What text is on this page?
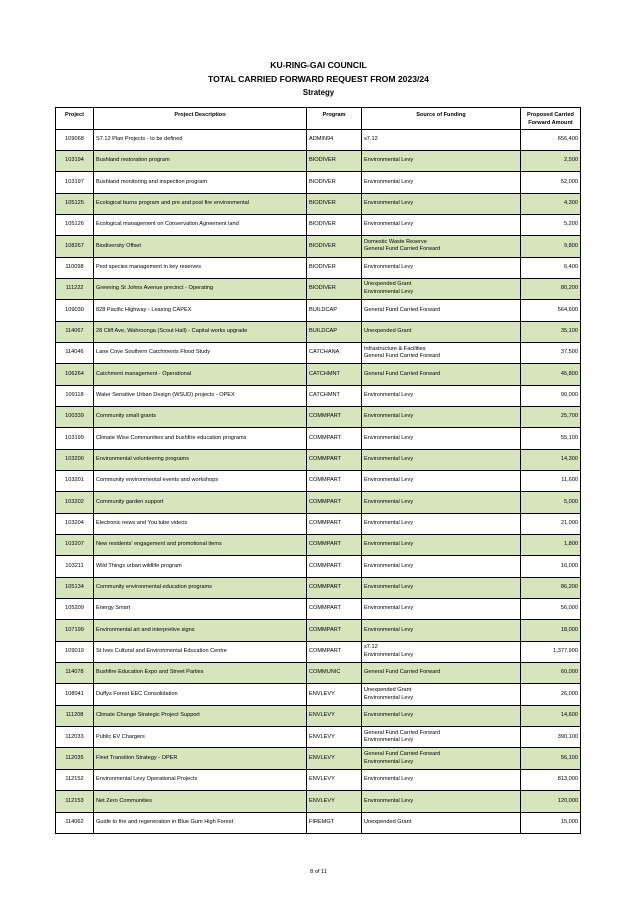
KU-RING-GAI COUNCIL
TOTAL CARRIED FORWARD REQUEST FROM 2023/24
Strategy
Project	Project Description	Program	Source of Funding	Proposed Carried
Forward Amount

109068	S7.12 Plan Projects - to be defined	ADMIN94	s7.12	656,400
103194	Bushland restoration program	BIODIVER	Environmental Levy	2,500
103197	Bushland monitoring and inspection program	BIODIVER	Environmental Levy	52,000
105125	Ecological burns program and pre and post fire environmental	BIODIVER	Environmental Levy	4,300
105126	Ecological management on Conservation Agreement land	BIODIVER	Environmental Levy	5,200
108267	Biodiversity Offset	BIODIVER	Domestic Waste Reserve
General Fund Carried Forward	9,800
110098	Pest species management in key reserves	BIODIVER	Environmental Levy	6,400
111222	Greening St Johns Avenue precinct - Operating	BIODIVER	Unexpended Grant
Environmental Levy	80,200
109030	828 Pacific Highway - Leasing CAPEX	BUILDCAP	General Fund Carried Forward	564,600
114067	28 Cliff Ave, Wahroonga (Scout Hall) - Capital works upgrade	BUILDCAP	Unexpended Grant	35,100
114046	Lane Cove Southern Catchments Flood Study	CATCHANA	Infrastructure & Facilities
General Fund Carried Forward	37,500
106264	Catchment management - Operational	CATCHMNT	General Fund Carried Forward	45,800
109118	Water Sensitive Urban Design (WSUD) projects - OPEX	CATCHMNT	Environmental Levy	90,000
100339	Community small grants	COMMPART	Environmental Levy	25,700
103199	Climate Wise Communities and bushfire education programs	COMMPART	Environmental Levy	55,100
103200	Environmental volunteering programs	COMMPART	Environmental Levy	14,300
103201	Community environmental events and workshops	COMMPART	Environmental Levy	11,600
103202	Community garden support	COMMPART	Environmental Levy	5,000
103204	Electronic news and You tube videos	COMMPART	Environmental Levy	21,000
103207	New residents' engagement and promotional items	COMMPART	Environmental Levy	1,800
103211	Wild Things urban wildlife program	COMMPART	Environmental Levy	16,000
105134	Community environmental education programs	COMMPART	Environmental Levy	86,200
105209	Energy Smart	COMMPART	Environmental Levy	56,000
107199	Environmental art and interpretive signs	COMMPART	Environmental Levy	18,000
109019	St Ives Cultural and Environmental Education Centre	COMMPART	s7.12
Environmental Levy	1,377,900
114078	Bushfire Education Expo and Street Parties	COMMUNIC	General Fund Carried Forward	60,000
108041	Duffys Forest EEC Consolidation	ENVLEVY	Unexpended Grant
Environmental Levy	26,000
111208	Climate Change Strategic Project Support	ENVLEVY	Environmental Levy	14,600
112033	Public EV Chargers	ENVLEVY	General Fund Carried Forward
Environmental Levy	390,100
112035	Fleet Transition Strategy - OPER	ENVLEVY	General Fund Carried Forward
Environmental Levy	56,100
112152	Environmental Levy Operational Projects	ENVLEVY	Environmental Levy	813,000
112153	Net Zero Communities	ENVLEVY	Environmental Levy	120,000
114062	Guide to fire and regeneration in Blue Gum High Forest	FIREMGT	Unexpended Grant	15,000
8 of 11
